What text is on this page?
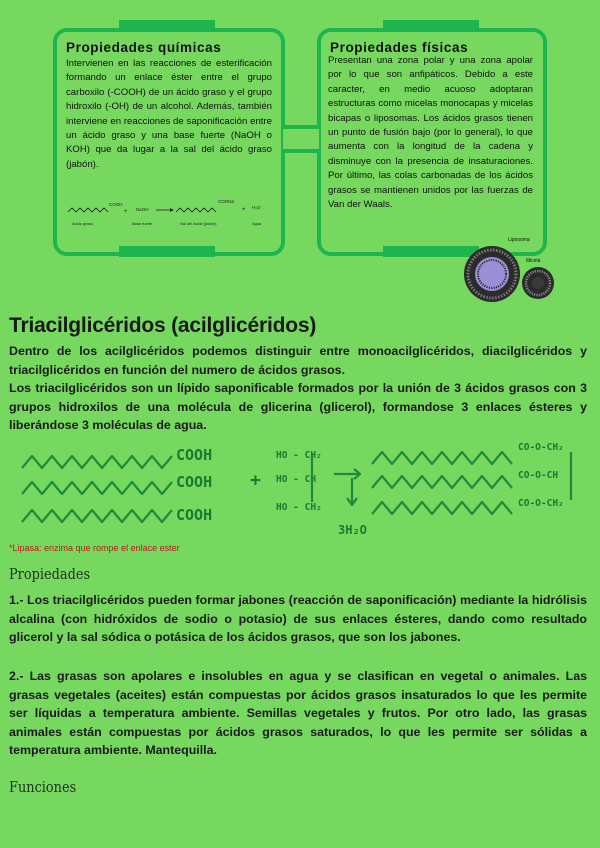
Propiedades químicas
Intervienen en las reacciones de esterificación formando un enlace éster entre el grupo carboxilo (-COOH) de un ácido graso y el grupo hidroxilo (-OH) de un alcohol. Además, también interviene en reacciones de saponificación entre un ácido graso y una base fuerte (NaOH o KOH) que da lugar a la sal del ácido graso (jabón).
COOH
Ácido graso
+ NaOH
Base fuerte
COONa
Sal del ácido (jabón)
+ H₂O
Agua
Propiedades físicas
Presentan una zona polar y una zona apolar por lo que son anfipáticos. Debido a este caracter, en medio acuoso adoptaran estructuras como micelas monocapas y micelas bicapas o liposomas. Los ácidos grasos tienen un punto de fusión bajo (por lo general), lo que aumenta con la longitud de la cadena y disminuye con la presencia de insaturaciones. Por último, las colas carbonadas de los ácidos grasos se mantienen unidos por las fuerzas de Van der Waals.
Liposoma
Micela
Triacilglicéridos (acilglicéridos)
Dentro de los acilglicéridos podemos distinguir entre monoacilglicéridos, diacilglicéridos y triacilglicéridos en función del numero de ácidos grasos.
Los triacilglicéridos son un lípido saponificable formados por la unión de 3 ácidos grasos con 3 grupos hidroxilos de una molécula de glicerina (glicerol), formandose 3 enlaces ésteres y liberándose 3 moléculas de agua.
COOH
COOH
COOH
+
HO - CH₂
HO - CH
HO - CH₂
3H₂O
CO-O-CH₂
CO-O-CH
CO-O-CH₂
*Lipasa: enzima que rompe el enlace ester
Propiedades
1.- Los triacilglicéridos pueden formar jabones (reacción de saponificación) mediante la hidrólisis alcalina (con hidróxidos de sodio o potasio) de sus enlaces ésteres, dando como resultado glicerol y la sal sódica o potásica de los ácidos grasos, que son los jabones.
2.- Las grasas son apolares e insolubles en agua y se clasifican en vegetal o animales. Las grasas vegetales (aceites) están compuestas por ácidos grasos insaturados lo que les permite ser líquidas a temperatura ambiente. Semillas vegetales y frutos. Por otro lado, las grasas animales están compuestas por ácidos grasos saturados, lo que les permite ser sólidas a temperatura ambiente. Mantequilla.
Funciones
